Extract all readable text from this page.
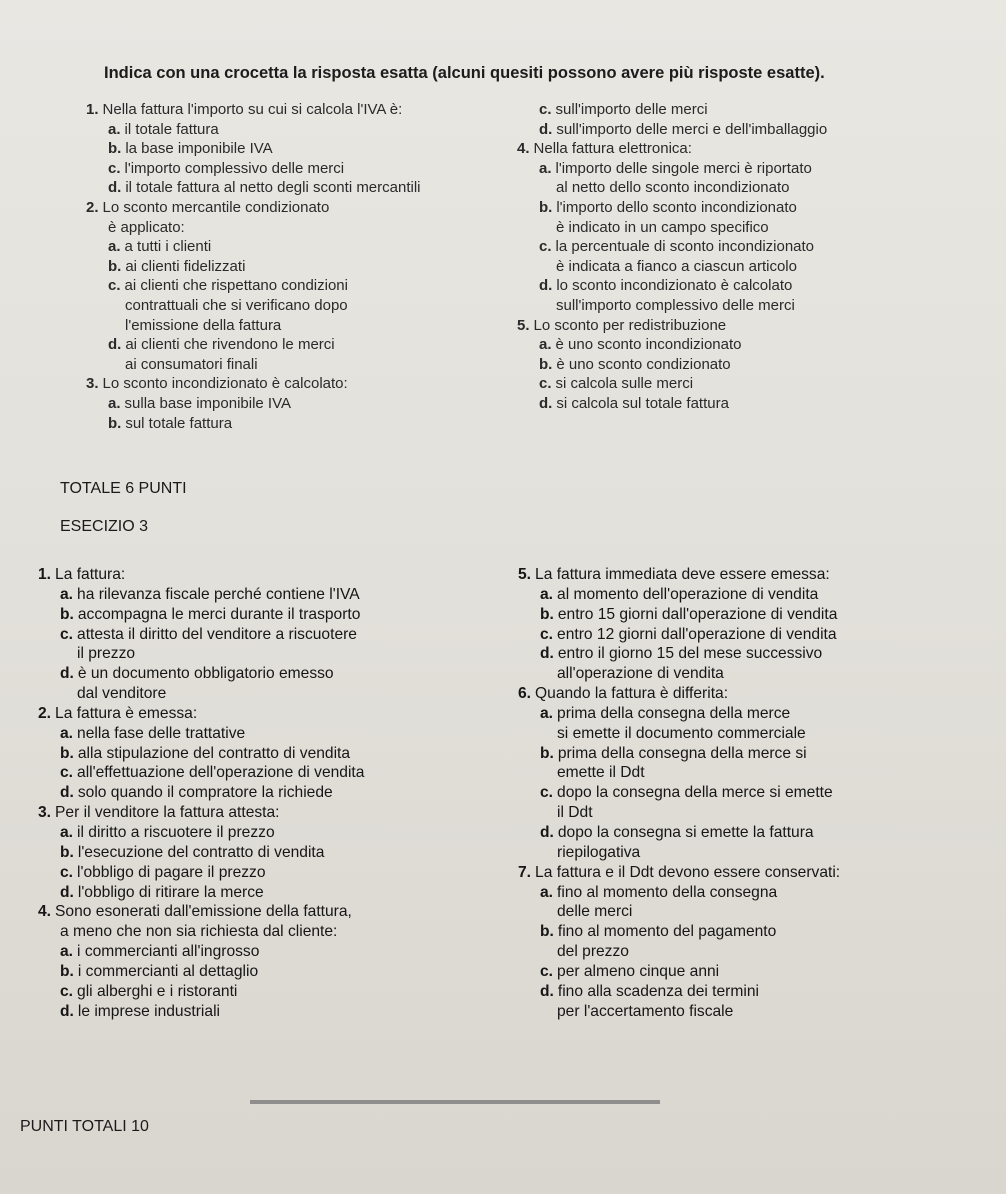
Indica con una crocetta la risposta esatta (alcuni quesiti possono avere più risposte esatte).
1. Nella fattura l'importo su cui si calcola l'IVA è:
a. il totale fattura
b. la base imponibile IVA
c. l'importo complessivo delle merci
d. il totale fattura al netto degli sconti mercantili
2. Lo sconto mercantile condizionato
è applicato:
a. a tutti i clienti
b. ai clienti fidelizzati
c. ai clienti che rispettano condizioni
contrattuali che si verificano dopo
l'emissione della fattura
d. ai clienti che rivendono le merci
ai consumatori finali
3. Lo sconto incondizionato è calcolato:
a. sulla base imponibile IVA
b. sul totale fattura
c. sull'importo delle merci
d. sull'importo delle merci e dell'imballaggio
4. Nella fattura elettronica:
a. l'importo delle singole merci è riportato
al netto dello sconto incondizionato
b. l'importo dello sconto incondizionato
è indicato in un campo specifico
c. la percentuale di sconto incondizionato
è indicata a fianco a ciascun articolo
d. lo sconto incondizionato è calcolato
sull'importo complessivo delle merci
5. Lo sconto per redistribuzione
a. è uno sconto incondizionato
b. è uno sconto condizionato
c. si calcola sulle merci
d. si calcola sul totale fattura
TOTALE 6 PUNTI
ESECIZIO 3
1. La fattura:
a. ha rilevanza fiscale perché contiene l'IVA
b. accompagna le merci durante il trasporto
c. attesta il diritto del venditore a riscuotere
il prezzo
d. è un documento obbligatorio emesso
dal venditore
2. La fattura è emessa:
a. nella fase delle trattative
b. alla stipulazione del contratto di vendita
c. all'effettuazione dell'operazione di vendita
d. solo quando il compratore la richiede
3. Per il venditore la fattura attesta:
a. il diritto a riscuotere il prezzo
b. l'esecuzione del contratto di vendita
c. l'obbligo di pagare il prezzo
d. l'obbligo di ritirare la merce
4. Sono esonerati dall'emissione della fattura,
a meno che non sia richiesta dal cliente:
a. i commercianti all'ingrosso
b. i commercianti al dettaglio
c. gli alberghi e i ristoranti
d. le imprese industriali
5. La fattura immediata deve essere emessa:
a. al momento dell'operazione di vendita
b. entro 15 giorni dall'operazione di vendita
c. entro 12 giorni dall'operazione di vendita
d. entro il giorno 15 del mese successivo
all'operazione di vendita
6. Quando la fattura è differita:
a. prima della consegna della merce
si emette il documento commerciale
b. prima della consegna della merce si
emette il Ddt
c. dopo la consegna della merce si emette
il Ddt
d. dopo la consegna si emette la fattura
riepilogativa
7. La fattura e il Ddt devono essere conservati:
a. fino al momento della consegna
delle merci
b. fino al momento del pagamento
del prezzo
c. per almeno cinque anni
d. fino alla scadenza dei termini
per l'accertamento fiscale
PUNTI TOTALI 10
